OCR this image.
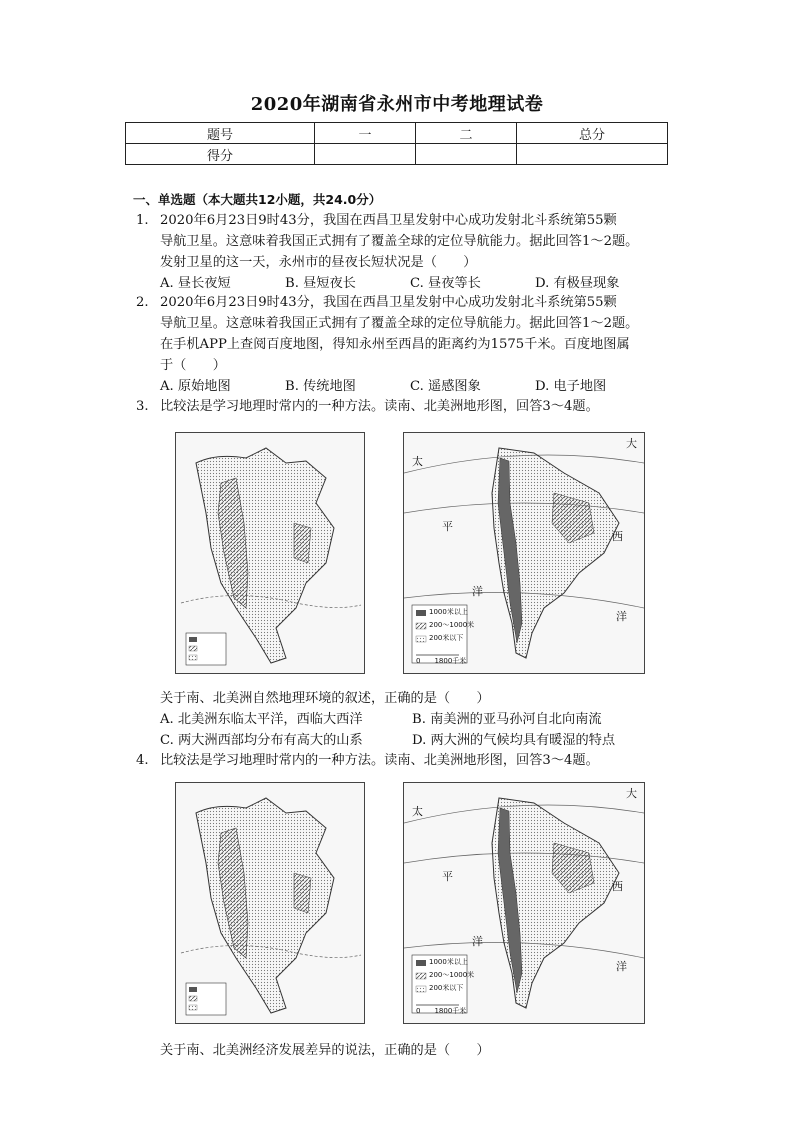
2020年湖南省永州市中考地理试卷
题号	一	二	总分
得分			
一、单选题（本大题共12小题，共24.0分）
1. 2020年6月23日9时43分，我国在西昌卫星发射中心成功发射北斗系统第55颗
导航卫星。这意味着我国正式拥有了覆盖全球的定位导航能力。据此回答1～2题。
发射卫星的这一天，永州市的昼夜长短状况是（　　）
A. 昼长夜短	B. 昼短夜长	C. 昼夜等长	D. 有极昼现象
2. 2020年6月23日9时43分，我国在西昌卫星发射中心成功发射北斗系统第55颗
导航卫星。这意味着我国正式拥有了覆盖全球的定位导航能力。据此回答1～2题。
在手机APP上查阅百度地图，得知永州至西昌的距离约为1575千米。百度地图属
于（　　）
A. 原始地图	B. 传统地图	C. 遥感图象	D. 电子地图
3. 比较法是学习地理时常内的一种方法。读南、北美洲地形图，回答3～4题。
太
平
洋
大
西
洋
1000米以上
200～1000米
200米以下
0　　1800千米
关于南、北美洲自然地理环境的叙述，正确的是（　　）
A. 北美洲东临太平洋，西临大西洋	B. 南美洲的亚马孙河自北向南流
C. 两大洲西部均分布有高大的山系	D. 两大洲的气候均具有暖湿的特点
4. 比较法是学习地理时常内的一种方法。读南、北美洲地形图，回答3～4题。
太
平
洋
大
西
洋
1000米以上
200～1000米
200米以下
0　　1800千米
关于南、北美洲经济发展差异的说法，正确的是（　　）
